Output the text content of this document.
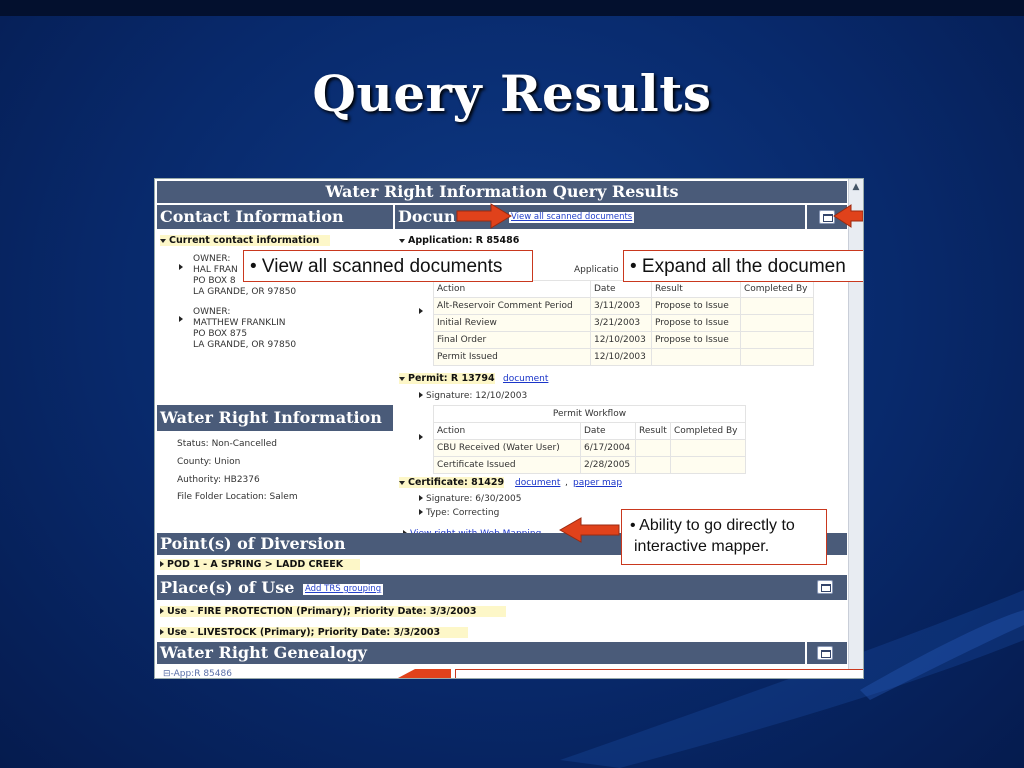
Query Results
▲
Water Right Information Query Results
Contact Information	Docun	View all scanned documents
Current contact information
OWNER:
HAL FRAN
PO BOX 8
LA GRANDE, OR 97850
OWNER:
MATTHEW FRANKLIN
PO BOX 875
LA GRANDE, OR 97850
Water Right Information
Status: Non-Cancelled
County: Union
Authority: HB2376
File Folder Location: Salem
Application: R 85486
Applicatio
Action	Date	Result	Completed By
Alt-Reservoir Comment Period	3/11/2003	Propose to Issue	
Initial Review	3/21/2003	Propose to Issue	
Final Order	12/10/2003	Propose to Issue	
Permit Issued	12/10/2003		
Permit: R 13794 document
Signature: 12/10/2003
Permit Workflow			
Action	Date	Result	Completed By
CBU Received (Water User)	6/17/2004		
Certificate Issued	2/28/2005		
Certificate: 81429 document , paper map
Signature: 6/30/2005
Type: Correcting
Point(s) of Diversion
POD 1 - A SPRING > LADD CREEK
Place(s) of Use	Add TRS grouping
Use - FIRE PROTECTION (Primary); Priority Date: 3/3/2003
Use - LIVESTOCK (Primary); Priority Date: 3/3/2003
Water Right Genealogy
⊟-App:R 85486
• View all scanned documents	• Expand all the documen
• Ability to go directly to
interactive mapper.
